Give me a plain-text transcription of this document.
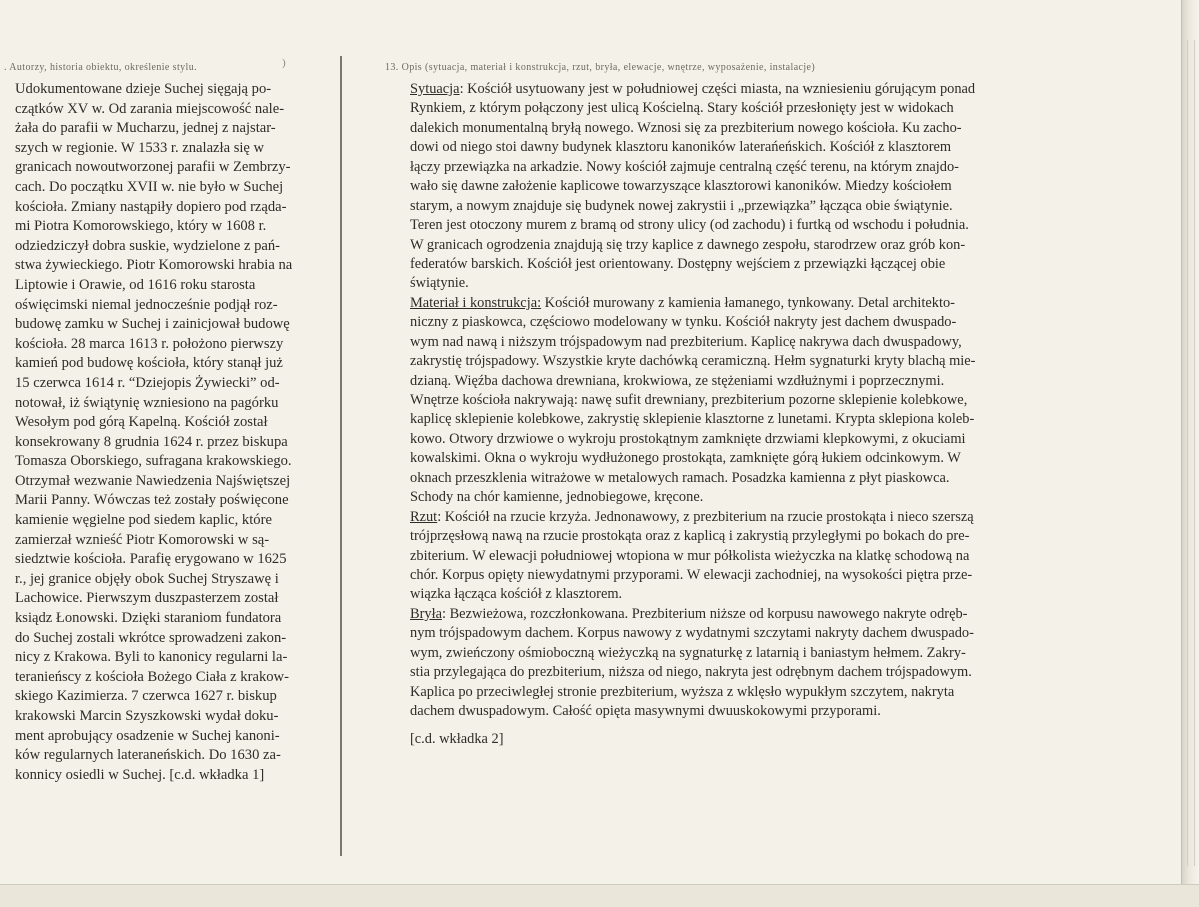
. Autorzy, historia obiektu, określenie stylu.	)	13. Opis (sytuacja, materiał i konstrukcja, rzut, bryła, elewacje, wnętrze, wyposażenie, instalacje)
Udokumentowane dzieje Suchej sięgają po-
czątków XV w. Od zarania miejscowość nale-
żała do parafii w Mucharzu, jednej z najstar-
szych w regionie. W 1533 r. znalazła się w
granicach nowoutworzonej parafii w Zembrzy-
cach. Do początku XVII w. nie było w Suchej
kościoła. Zmiany nastąpiły dopiero pod rząda-
mi Piotra Komorowskiego, który w 1608 r.
odziedziczył dobra suskie, wydzielone z pań-
stwa żywieckiego. Piotr Komorowski hrabia na
Liptowie i Orawie, od 1616 roku starosta
oświęcimski niemal jednocześnie podjął roz-
budowę zamku w Suchej i zainicjował budowę
kościoła. 28 marca 1613 r. położono pierwszy
kamień pod budowę kościoła, który stanął już
15 czerwca 1614 r. “Dziejopis Żywiecki” od-
notował, iż świątynię wzniesiono na pagórku
Wesołym pod górą Kapelną. Kościół został
konsekrowany 8 grudnia 1624 r. przez biskupa
Tomasza Oborskiego, sufragana krakowskiego.
Otrzymał wezwanie Nawiedzenia Najświętszej
Marii Panny. Wówczas też zostały poświęcone
kamienie węgielne pod siedem kaplic, które
zamierzał wznieść Piotr Komorowski w są-
siedztwie kościoła. Parafię erygowano w 1625
r., jej granice objęły obok Suchej Stryszawę i
Lachowice. Pierwszym duszpasterzem został
ksiądz Łonowski. Dzięki staraniom fundatora
do Suchej zostali wkrótce sprowadzeni zakon-
nicy z Krakowa. Byli to kanonicy regularni la-
teranieńscy z kościoła Bożego Ciała z krakow-
skiego Kazimierza. 7 czerwca 1627 r. biskup
krakowski Marcin Szyszkowski wydał doku-
ment aprobujący osadzenie w Suchej kanoni-
ków regularnych lateraneńskich. Do 1630 za-
konnicy osiedli w Suchej. [c.d. wkładka 1]
Sytuacja: Kościół usytuowany jest w południowej części miasta, na wzniesieniu górującym ponad
Rynkiem, z którym połączony jest ulicą Kościelną. Stary kościół przesłonięty jest w widokach
dalekich monumentalną bryłą nowego. Wznosi się za prezbiterium nowego kościoła. Ku zacho-
dowi od niego stoi dawny budynek klasztoru kanoników laterańeńskich. Kościół z klasztorem
łączy przewiązka na arkadzie. Nowy kościół zajmuje centralną część terenu, na którym znajdo-
wało się dawne założenie kaplicowe towarzyszące klasztorowi kanoników. Miedzy kościołem
starym, a nowym znajduje się budynek nowej zakrystii i „przewiązka” łącząca obie świątynie.
Teren jest otoczony murem z bramą od strony ulicy (od zachodu) i furtką od wschodu i południa.
W granicach ogrodzenia znajdują się trzy kaplice z dawnego zespołu, starodrzew oraz grób kon-
federatów barskich. Kościół jest orientowany. Dostępny wejściem z przewiązki łączącej obie
świątynie.
Materiał i konstrukcja: Kościół murowany z kamienia łamanego, tynkowany. Detal architekto-
niczny z piaskowca, częściowo modelowany w tynku. Kościół nakryty jest dachem dwuspado-
wym nad nawą i niższym trójspadowym nad prezbiterium. Kaplicę nakrywa dach dwuspadowy,
zakrystię trójspadowy. Wszystkie kryte dachówką ceramiczną. Hełm sygnaturki kryty blachą mie-
dzianą. Więźba dachowa drewniana, krokwiowa, ze stężeniami wzdłużnymi i poprzecznymi.
Wnętrze kościoła nakrywają: nawę sufit drewniany, prezbiterium pozorne sklepienie kolebkowe,
kaplicę sklepienie kolebkowe, zakrystię sklepienie klasztorne z lunetami. Krypta sklepiona koleb-
kowo. Otwory drzwiowe o wykroju prostokątnym zamknięte drzwiami klepkowymi, z okuciami
kowalskimi. Okna o wykroju wydłużonego prostokąta, zamknięte górą łukiem odcinkowym. W
oknach przeszklenia witrażowe w metalowych ramach. Posadzka kamienna z płyt piaskowca.
Schody na chór kamienne, jednobiegowe, kręcone.
Rzut: Kościół na rzucie krzyża. Jednonawowy, z prezbiterium na rzucie prostokąta i nieco szerszą
trójprzęsłową nawą na rzucie prostokąta oraz z kaplicą i zakrystią przyległymi po bokach do pre-
zbiterium. W elewacji południowej wtopiona w mur półkolista wieżyczka na klatkę schodową na
chór. Korpus opięty niewydatnymi przyporami. W elewacji zachodniej, na wysokości piętra prze-
wiązka łącząca kościół z klasztorem.
Bryła: Bezwieżowa, rozczłonkowana. Prezbiterium niższe od korpusu nawowego nakryte odręb-
nym trójspadowym dachem. Korpus nawowy z wydatnymi szczytami nakryty dachem dwuspado-
wym, zwieńczony ośmioboczną wieżyczką na sygnaturkę z latarnią i baniastym hełmem. Zakry-
stia przylegająca do prezbiterium, niższa od niego, nakryta jest odrębnym dachem trójspadowym.
Kaplica po przeciwległej stronie prezbiterium, wyższa z wklęsło wypukłym szczytem, nakryta
dachem dwuspadowym. Całość opięta masywnymi dwuuskokowymi przyporami.
[c.d. wkładka 2]
